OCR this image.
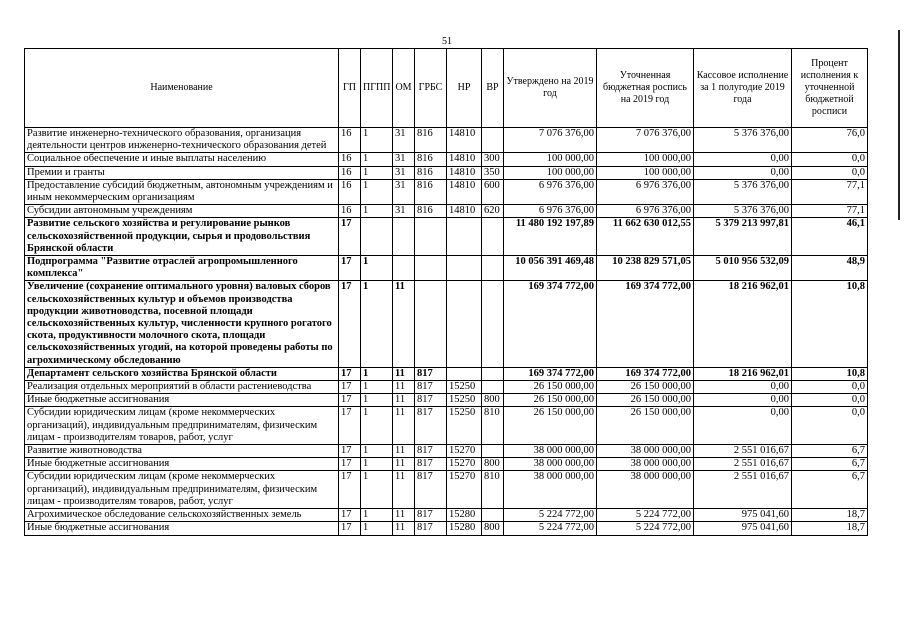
51
Наименование	ГП	ПГПП	ОМ	ГРБС	НР	ВР	Утверждено на 2019 год	Уточненная бюджетная роспись на 2019 год	Кассовое исполнение за 1 полугодие 2019 года	Процент исполнения к уточненной бюджетной росписи
Развитие инженерно-технического образования, организация деятельности центров инженерно-технического образования детей	16	1	31	816	14810		7 076 376,00	7 076 376,00	5 376 376,00	76,0
Социальное обеспечение и иные выплаты населению	16	1	31	816	14810	300	100 000,00	100 000,00	0,00	0,0
Премии и гранты	16	1	31	816	14810	350	100 000,00	100 000,00	0,00	0,0
Предоставление субсидий бюджетным, автономным учреждениям и иным некоммерческим организациям	16	1	31	816	14810	600	6 976 376,00	6 976 376,00	5 376 376,00	77,1
Субсидии автономным учреждениям	16	1	31	816	14810	620	6 976 376,00	6 976 376,00	5 376 376,00	77,1
Развитие сельского хозяйства и регулирование рынков сельскохозяйственной продукции, сырья и продовольствия Брянской области	17						11 480 192 197,89	11 662 630 012,55	5 379 213 997,81	46,1
Подпрограмма "Развитие отраслей агропромышленного комплекса"	17	1					10 056 391 469,48	10 238 829 571,05	5 010 956 532,09	48,9
Увеличение (сохранение оптимального уровня) валовых сборов сельскохозяйственных культур и объемов производства продукции животноводства, посевной площади сельскохозяйственных культур, численности крупного рогатого скота, продуктивности молочного скота, площади сельскохозяйственных угодий, на которой проведены работы по агрохимическому обследованию	17	1	11				169 374 772,00	169 374 772,00	18 216 962,01	10,8
Департамент сельского хозяйства Брянской области	17	1	11	817			169 374 772,00	169 374 772,00	18 216 962,01	10,8
Реализация отдельных мероприятий в области растениеводства	17	1	11	817	15250		26 150 000,00	26 150 000,00	0,00	0,0
Иные бюджетные ассигнования	17	1	11	817	15250	800	26 150 000,00	26 150 000,00	0,00	0,0
Субсидии юридическим лицам (кроме некоммерческих организаций), индивидуальным предпринимателям, физическим лицам - производителям товаров, работ, услуг	17	1	11	817	15250	810	26 150 000,00	26 150 000,00	0,00	0,0
Развитие животноводства	17	1	11	817	15270		38 000 000,00	38 000 000,00	2 551 016,67	6,7
Иные бюджетные ассигнования	17	1	11	817	15270	800	38 000 000,00	38 000 000,00	2 551 016,67	6,7
Субсидии юридическим лицам (кроме некоммерческих организаций), индивидуальным предпринимателям, физическим лицам - производителям товаров, работ, услуг	17	1	11	817	15270	810	38 000 000,00	38 000 000,00	2 551 016,67	6,7
Агрохимическое обследование сельскохозяйственных земель	17	1	11	817	15280		5 224 772,00	5 224 772,00	975 041,60	18,7
Иные бюджетные ассигнования	17	1	11	817	15280	800	5 224 772,00	5 224 772,00	975 041,60	18,7
